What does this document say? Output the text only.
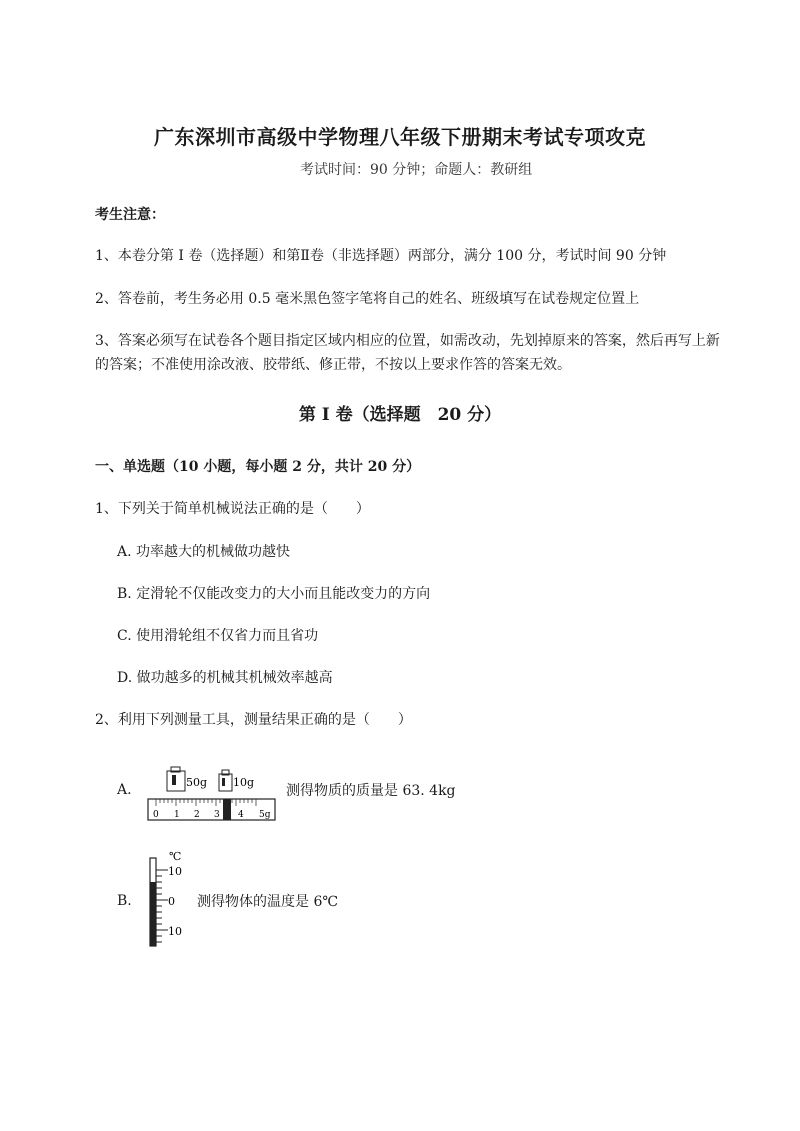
广东深圳市高级中学物理八年级下册期末考试专项攻克
考试时间：90 分钟；命题人：教研组
考生注意：
1、本卷分第 I 卷（选择题）和第Ⅱ卷（非选择题）两部分，满分 100 分，考试时间 90 分钟
2、答卷前，考生务必用 0.5 毫米黑色签字笔将自己的姓名、班级填写在试卷规定位置上
3、答案必须写在试卷各个题目指定区域内相应的位置，如需改动，先划掉原来的答案，然后再写上新
的答案；不准使用涂改液、胶带纸、修正带，不按以上要求作答的答案无效。
第 I 卷（选择题　20 分）
一、单选题（10 小题，每小题 2 分，共计 20 分）
1、下列关于简单机械说法正确的是（　　）
A. 功率越大的机械做功越快
B. 定滑轮不仅能改变力的大小而且能改变力的方向
C. 使用滑轮组不仅省力而且省功
D. 做功越多的机械其机械效率越高
2、利用下列测量工具，测量结果正确的是（　　）
A.	50g 10g
0 1 2 3 4 5g
测得物质的质量是 63. 4kg
B.
℃
10
0
10
测得物体的温度是 6℃
